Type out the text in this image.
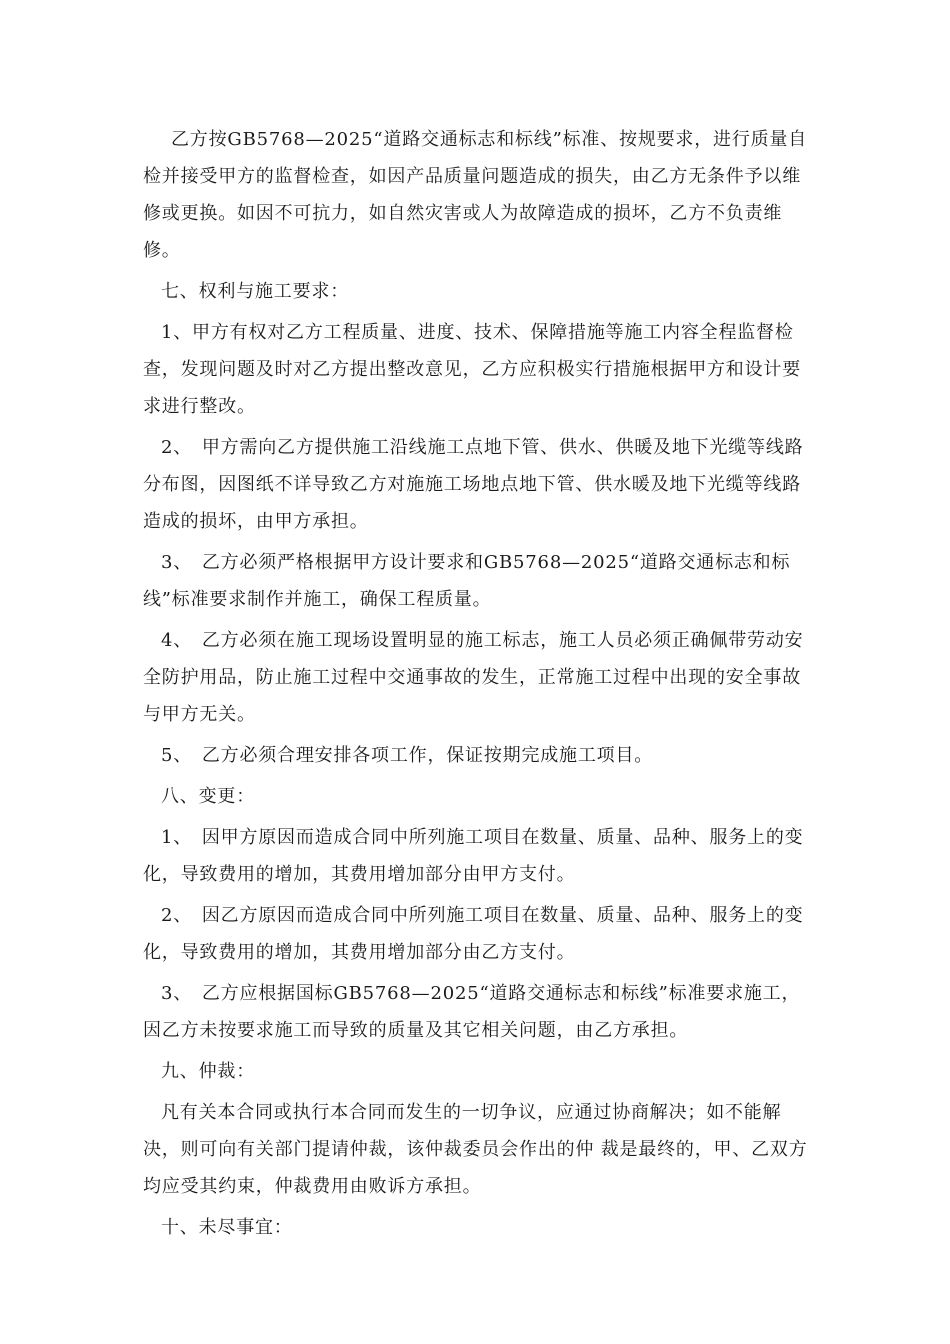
乙方按GB5768—2025“道路交通标志和标线”标准、按规要求，进行质量自检并接受甲方的监督检查，如因产品质量问题造成的损失，由乙方无条件予以维修或更换。如因不可抗力，如自然灾害或人为故障造成的损坏，乙方不负责维修。

七、权利与施工要求：

1、甲方有权对乙方工程质量、进度、技术、保障措施等施工内容全程监督检查，发现问题及时对乙方提出整改意见，乙方应积极实行措施根据甲方和设计要求进行整改。

2、　甲方需向乙方提供施工沿线施工点地下管、供水、供暖及地下光缆等线路分布图，因图纸不详导致乙方对施施工场地点地下管、供水暖及地下光缆等线路造成的损坏，由甲方承担。

3、　乙方必须严格根据甲方设计要求和GB5768—2025“道路交通标志和标线”标准要求制作并施工，确保工程质量。

4、　乙方必须在施工现场设置明显的施工标志，施工人员必须正确佩带劳动安全防护用品，防止施工过程中交通事故的发生，正常施工过程中出现的安全事故与甲方无关。

5、　乙方必须合理安排各项工作，保证按期完成施工项目。

八、变更：

1、　因甲方原因而造成合同中所列施工项目在数量、质量、品种、服务上的变化，导致费用的增加，其费用增加部分由甲方支付。

2、　因乙方原因而造成合同中所列施工项目在数量、质量、品种、服务上的变化，导致费用的增加，其费用增加部分由乙方支付。

3、　乙方应根据国标GB5768—2025“道路交通标志和标线”标准要求施工，因乙方未按要求施工而导致的质量及其它相关问题，由乙方承担。

九、仲裁：

凡有关本合同或执行本合同而发生的一切争议，应通过协商解决；如不能解决，则可向有关部门提请仲裁，该仲裁委员会作出的仲 裁是最终的，甲、乙双方均应受其约束，仲裁费用由败诉方承担。

十、未尽事宜：
